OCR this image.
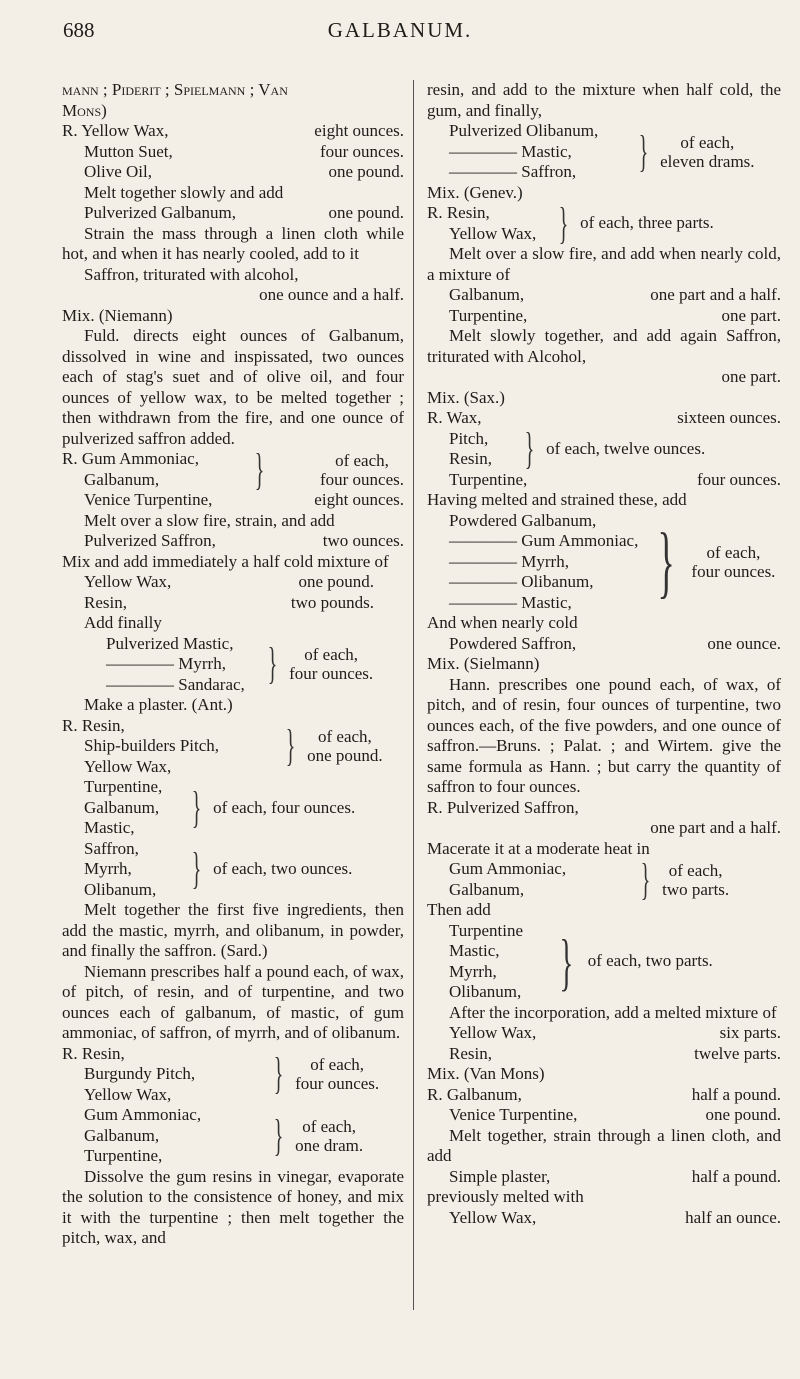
688	GALBANUM.

mann ; Piderit ; Spielmann ; Van

Mons)

R. Yellow Wax,	eight ounces.
Mutton Suet,	four ounces.
Olive Oil,	one pound.

Melt together slowly and add

Pulverized Galbanum,	one pound.

Strain the mass through a linen cloth while hot, and when it has nearly cooled, add to it

Saffron, triturated with alcohol,

one ounce and a half.

Mix. (Niemann)

Fuld. directs eight ounces of Galbanum, dissolved in wine and inspissated, two ounces each of stag's suet and of olive oil, and four ounces of yellow wax, to be melted together ; then withdrawn from the fire, and one ounce of pulverized saffron added.

R. Gum Ammoniac,
Galbanum,	}	of each,
four ounces.
Venice Turpentine,	eight ounces.

Melt over a slow fire, strain, and add

Pulverized Saffron,	two ounces.

Mix and add immediately a half cold mixture of

Yellow Wax,	one pound.
Resin,	two pounds.

Add finally

Pulverized Mastic,
———— Myrrh,
———— Sandarac, }	of each,
four ounces.

Make a plaster. (Ant.)

R. Resin,
Ship-builders Pitch,
Yellow Wax,	}	of each,
one pound.
Turpentine,
Galbanum,
Mastic,	} of each, four ounces.
Saffron,
Myrrh,
Olibanum, } of each, two ounces.

Melt together the first five ingredients, then add the mastic, myrrh, and olibanum, in powder, and finally the saffron. (Sard.)

Niemann prescribes half a pound each, of wax, of pitch, of resin, and of turpentine, and two ounces each of galbanum, of mastic, of gum ammoniac, of saffron, of myrrh, and of olibanum.

R. Resin,
Burgundy Pitch,
Yellow Wax,	}	of each,
four ounces.
Gum Ammoniac,
Galbanum,
Turpentine,	}	of each,
one dram.

Dissolve the gum resins in vinegar, evaporate the solution to the consistence of honey, and mix it with the turpentine ; then melt together the pitch, wax, and

resin, and add to the mixture when half cold, the gum, and finally,

Pulverized Olibanum,
———— Mastic,
———— Saffron,	}	of each,
eleven drams.

Mix. (Genev.)

R. Resin,
Yellow Wax, } of each, three parts.

Melt over a slow fire, and add when nearly cold, a mixture of

Galbanum,	one part and a half.
Turpentine,	one part.

Melt slowly together, and add again Saffron, triturated with Alcohol,

one part.

Mix. (Sax.)

R. Wax,	sixteen ounces.
Pitch,
Resin, } of each, twelve ounces.
Turpentine,	four ounces.

Having melted and strained these, add

Powdered Galbanum,
———— Gum Ammoniac,
———— Myrrh,
———— Olibanum,
———— Mastic,	}	of each,
four ounces.

And when nearly cold

Powdered Saffron,	one ounce.

Mix. (Sielmann)

Hann. prescribes one pound each, of wax, of pitch, and of resin, four ounces of turpentine, two ounces each, of the five powders, and one ounce of saffron.—Bruns. ; Palat. ; and Wirtem. give the same formula as Hann. ; but carry the quantity of saffron to four ounces.

R. Pulverized Saffron,

one part and a half.

Macerate it at a moderate heat in

Gum Ammoniac,
Galbanum,	}	of each,
two parts.

Then add

Turpentine
Mastic,
Myrrh,
Olibanum, } of each, two parts.

After the incorporation, add a melted mixture of

Yellow Wax,	six parts.
Resin,	twelve parts.

Mix. (Van Mons)

R. Galbanum,	half a pound.
Venice Turpentine,	one pound.

Melt together, strain through a linen cloth, and add

Simple plaster,	half a pound.

previously melted with

Yellow Wax,	half an ounce.
